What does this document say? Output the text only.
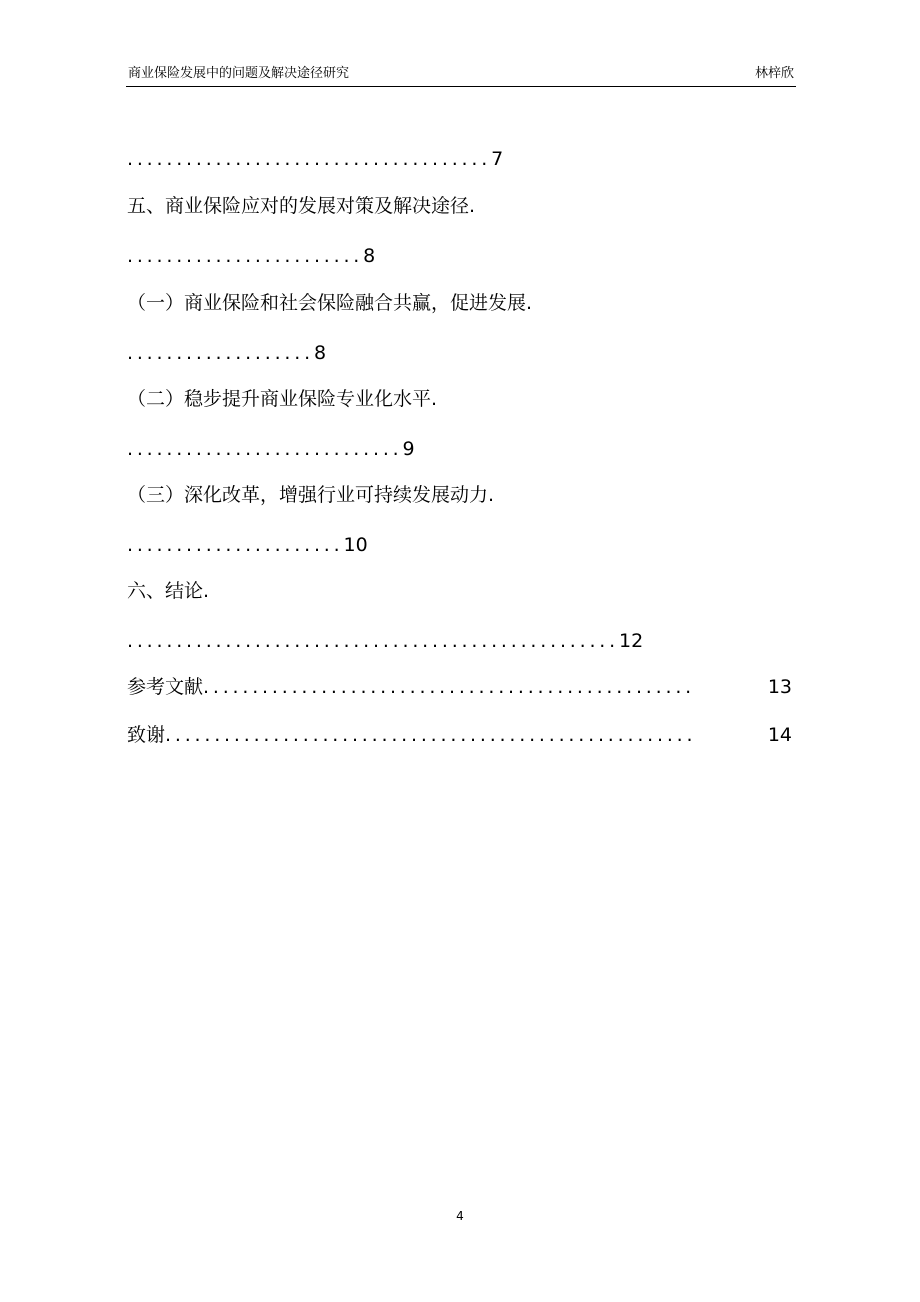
商业保险发展中的问题及解决途径研究	林梓欣
.....................................7
五、商业保险应对的发展对策及解决途径.
........................8
（一）商业保险和社会保险融合共赢，促进发展.
...................8
（二）稳步提升商业保险专业化水平.
............................9
（三）深化改革，增强行业可持续发展动力.
......................10
六、结论.
..................................................12
参考文献 ..................................................	13
致谢 ......................................................	14
4
